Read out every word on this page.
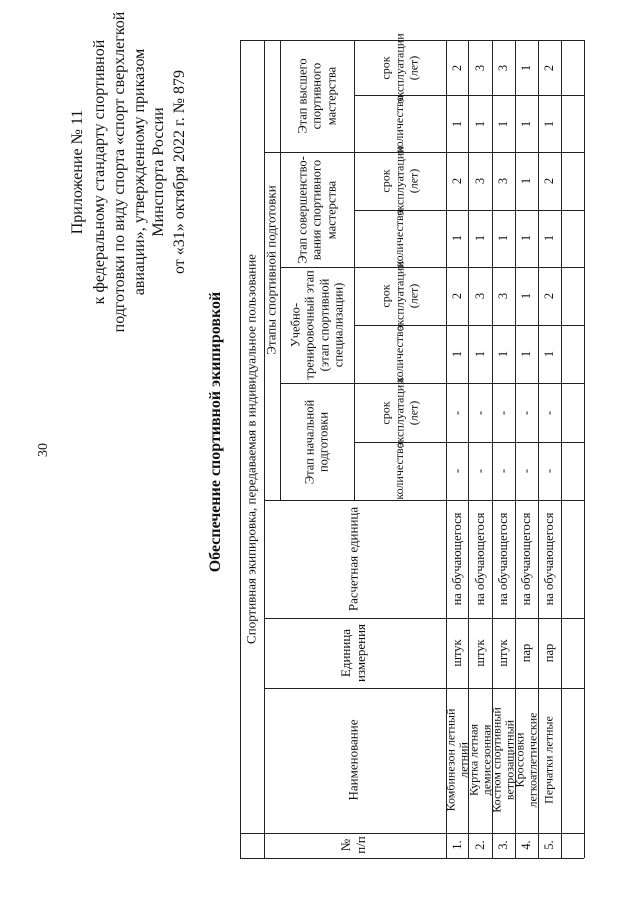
30
Приложение № 11 к федеральному стандарту спортивной подготовки по виду спорта «спорт сверхлегкой авиации», утвержденному приказом Минспорта России от «31» октября 2022 г. № 879
Обеспечение спортивной экипировкой Спортивная экипировка, передаваемая в индивидуальное пользование Этапы спортивной подготовки
№ п/п
Наименование
Единица измерения
Расчетная единица
Этап начальной подготовки
Учебно-тренировочный этап (этап спортивной специализации)
Этап совершенство-вания спортивного мастерства
Этап высшего спортивного мастерства
количество
срок эксплуатации (лет)
количество
срок эксплуатации (лет)
количество
срок эксплуатации (лет)
количество
срок эксплуатации (лет)
1.
Комбинезон летный летний
штук
на обучающегося
-
-
1
2
1
2
1
2
2.
Куртка летная демисезонная
штук
на обучающегося
-
-
1
3
1
3
1
3
3.
Костюм спортивный ветрозащитный
штук
на обучающегося
-
-
1
3
1
3
1
3
4.
Кроссовки легкоатлетические
пар
на обучающегося
-
-
1
1
1
1
1
1
5.
Перчатки летные
пар
на обучающегося
-
-
1
2
1
2
1
2
